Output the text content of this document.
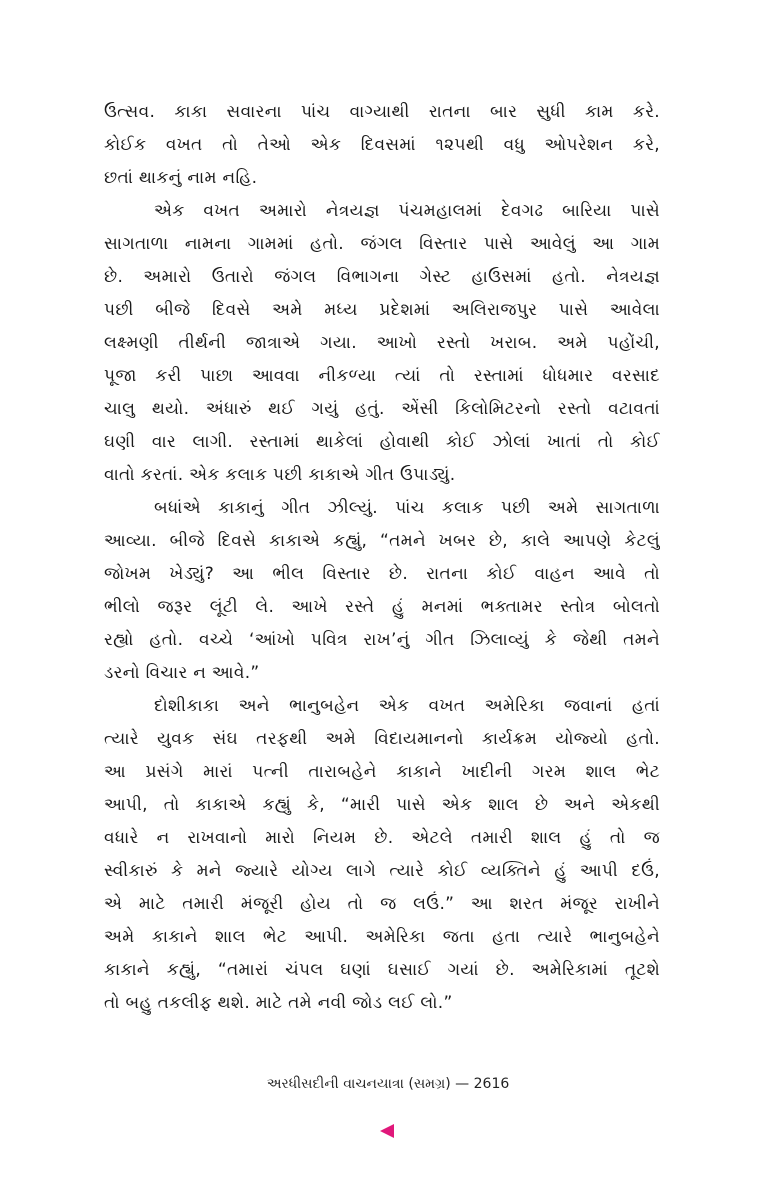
ઉત્સવ. કાકા સવારના પાંચ વાગ્યાથી રાતના બાર સુધી કામ કરે.
કોઈક વખત તો તેઓ એક દિવસમાં ૧૨૫થી વધુ ઓપરેશન કરે,
છતાં થાકનું નામ નહિ.
એક વખત અમારો નેત્રયજ્ઞ પંચમહાલમાં દેવગઢ બારિયા પાસે
સાગતાળા નામના ગામમાં હતો. જંગલ વિસ્તાર પાસે આવેલું આ ગામ
છે. અમારો ઉતારો જંગલ વિભાગના ગેસ્ટ હાઉસમાં હતો. નેત્રયજ્ઞ
પછી બીજે દિવસે અમે મધ્ય પ્રદેશમાં અલિરાજપુર પાસે આવેલા
લક્ષ્મણી તીર્થની જાત્રાએ ગયા. આખો રસ્તો ખરાબ. અમે પહોંચી,
પૂજા કરી પાછા આવવા નીકળ્યા ત્યાં તો રસ્તામાં ધોધમાર વરસાદ
ચાલુ થયો. અંધારું થઈ ગયું હતું. એંસી કિલોમિટરનો રસ્તો વટાવતાં
ઘણી વાર લાગી. રસ્તામાં થાકેલાં હોવાથી કોઈ ઝોલાં ખાતાં તો કોઈ
વાતો કરતાં. એક કલાક પછી કાકાએ ગીત ઉપાડ્યું.
બધાંએ કાકાનું ગીત ઝીલ્યું. પાંચ કલાક પછી અમે સાગતાળા
આવ્યા. બીજે દિવસે કાકાએ કહ્યું, “તમને ખબર છે, કાલે આપણે કેટલું
જોખમ ખેડ્યું? આ ભીલ વિસ્તાર છે. રાતના કોઈ વાહન આવે તો
ભીલો જરૂર લૂંટી લે. આખે રસ્તે હું મનમાં ભક્તામર સ્તોત્ર બોલતો
રહ્યો હતો. વચ્ચે ‘આંખો પવિત્ર રાખ’નું ગીત ઝિલાવ્યું કે જેથી તમને
ડરનો વિચાર ન આવે.”
દોશીકાકા અને ભાનુબહેન એક વખત અમેરિકા જવાનાં હતાં
ત્યારે યુવક સંઘ તરફથી અમે વિદાયમાનનો કાર્યક્રમ યોજ્યો હતો.
આ પ્રસંગે મારાં પત્ની તારાબહેને કાકાને ખાદીની ગરમ શાલ ભેટ
આપી, તો કાકાએ કહ્યું કે, “મારી પાસે એક શાલ છે અને એકથી
વધારે ન રાખવાનો મારો નિયમ છે. એટલે તમારી શાલ હું તો જ
સ્વીકારું કે મને જ્યારે યોગ્ય લાગે ત્યારે કોઈ વ્યક્તિને હું આપી દઉં,
એ માટે તમારી મંજૂરી હોય તો જ લઉં.” આ શરત મંજૂર રાખીને
અમે કાકાને શાલ ભેટ આપી. અમેરિકા જતા હતા ત્યારે ભાનુબહેને
કાકાને કહ્યું, “તમારાં ચંપલ ઘણાં ઘસાઈ ગયાં છે. અમેરિકામાં તૂટશે
તો બહુ તકલીફ થશે. માટે તમે નવી જોડ લઈ લો.”
અરધીસદીની વાચનયાત્રા (સમગ્ર) — 2616
